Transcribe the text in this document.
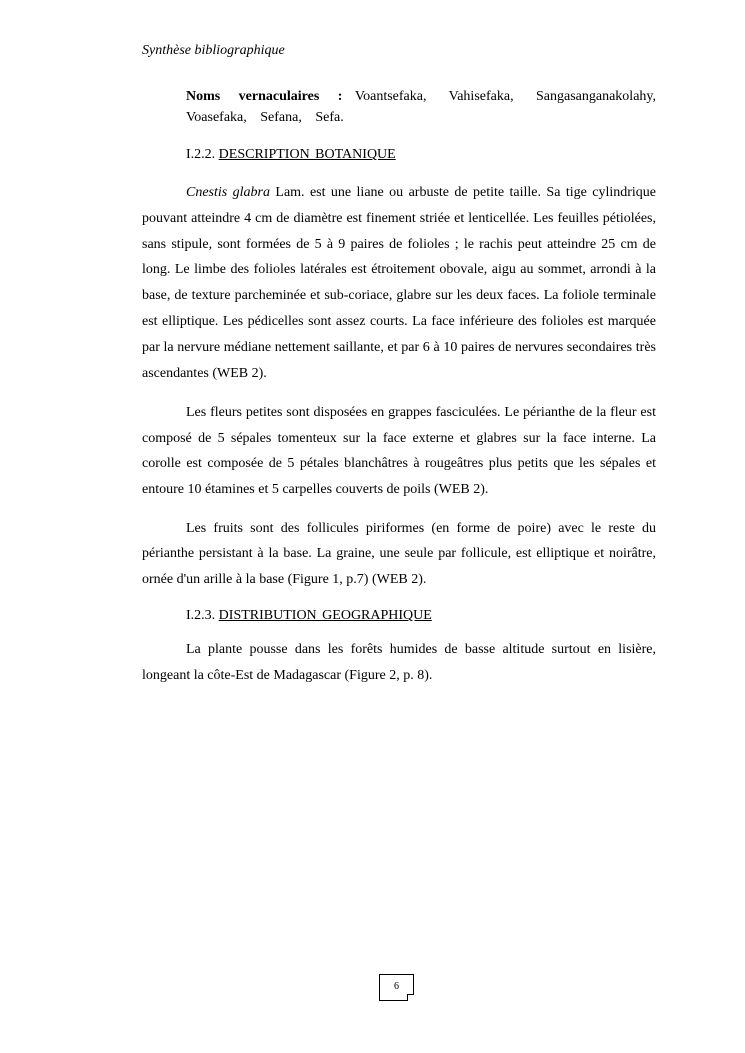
Synthèse bibliographique
Noms vernaculaires : Voantsefaka, Vahisefaka, Sangasanganakolahy, Voasefaka, Sefana, Sefa.
I.2.2. DESCRIPTION BOTANIQUE

Cnestis glabra Lam. est une liane ou arbuste de petite taille. Sa tige cylindrique pouvant atteindre 4 cm de diamètre est finement striée et lenticellée. Les feuilles pétiolées, sans stipule, sont formées de 5 à 9 paires de folioles ; le rachis peut atteindre 25 cm de long. Le limbe des folioles latérales est étroitement obovale, aigu au sommet, arrondi à la base, de texture parcheminée et sub-coriace, glabre sur les deux faces. La foliole terminale est elliptique. Les pédicelles sont assez courts. La face inférieure des folioles est marquée par la nervure médiane nettement saillante, et par 6 à 10 paires de nervures secondaires très ascendantes (WEB 2).

Les fleurs petites sont disposées en grappes fasciculées. Le périanthe de la fleur est composé de 5 sépales tomenteux sur la face externe et glabres sur la face interne. La corolle est composée de 5 pétales blanchâtres à rougeâtres plus petits que les sépales et entoure 10 étamines et 5 carpelles couverts de poils (WEB 2).

Les fruits sont des follicules piriformes (en forme de poire) avec le reste du périanthe persistant à la base. La graine, une seule par follicule, est elliptique et noirâtre, ornée d'un arille à la base (Figure 1, p.7) (WEB 2).

I.2.3. DISTRIBUTION GEOGRAPHIQUE

La plante pousse dans les forêts humides de basse altitude surtout en lisière, longeant la côte-Est de Madagascar (Figure 2, p. 8).

6
